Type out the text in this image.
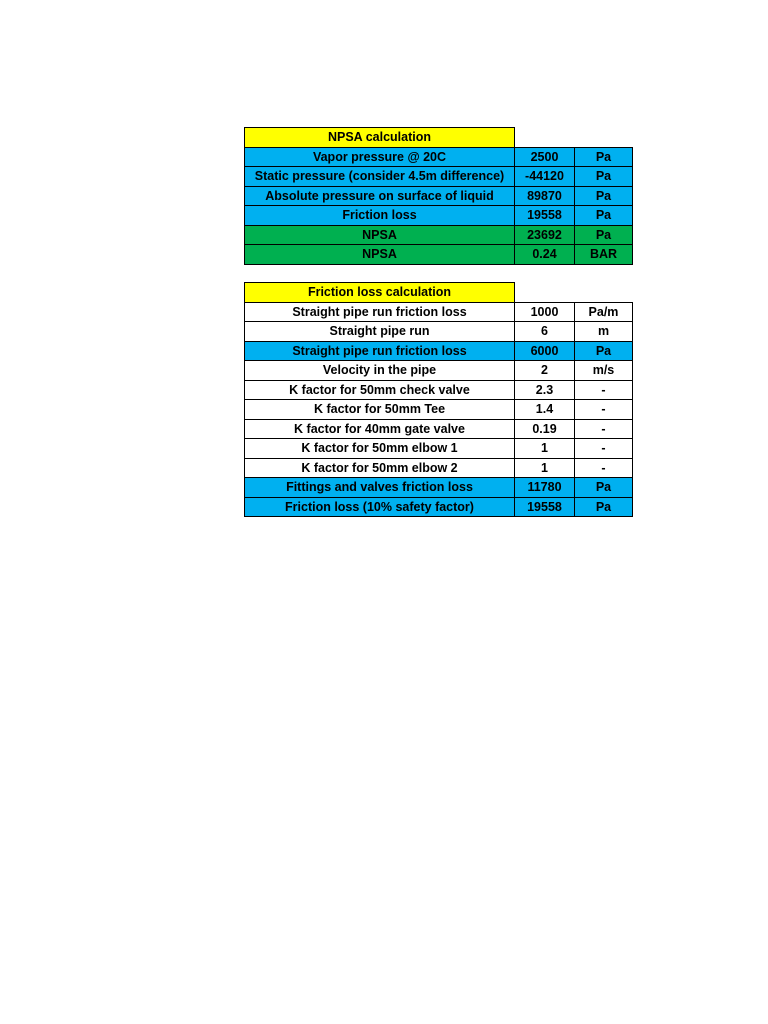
NPSA calculation		
Vapor pressure @ 20C	2500	Pa
Static pressure (consider 4.5m difference)	-44120	Pa
Absolute pressure on surface of liquid	89870	Pa
Friction loss	19558	Pa
NPSA	23692	Pa
NPSA	0.24	BAR
Friction loss calculation		
Straight pipe run friction loss	1000	Pa/m
Straight pipe run	6	m
Straight pipe run friction loss	6000	Pa
Velocity in the pipe	2	m/s
K factor for 50mm check valve	2.3	-
K factor for 50mm Tee	1.4	-
K factor for 40mm gate valve	0.19	-
K factor for 50mm elbow 1	1	-
K factor for 50mm elbow 2	1	-
Fittings and valves friction loss	11780	Pa
Friction loss (10% safety factor)	19558	Pa
